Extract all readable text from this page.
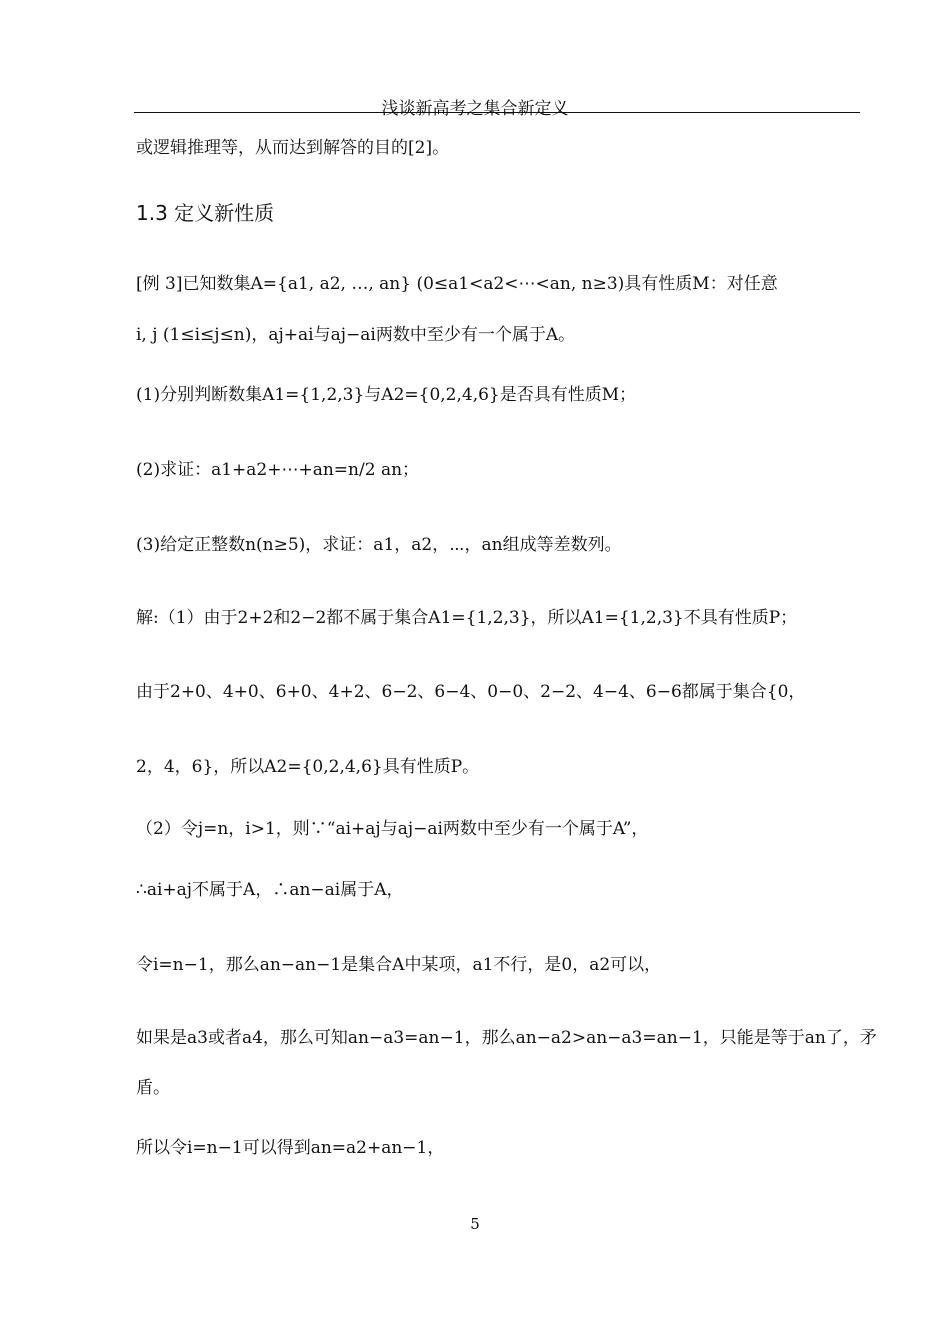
浅谈新高考之集合新定义
或逻辑推理等，从而达到解答的目的[2]。
1.3 定义新性质
[例 3]已知数集A={a1, a2, …, an} (0≤a1<a2<⋯<an, n≥3)具有性质M：对任意
i, j (1≤i≤j≤n)，aj+ai与aj−ai两数中至少有一个属于A。
(1)分别判断数集A1={1,2,3}与A2={0,2,4,6}是否具有性质M；
(2)求证：a1+a2+⋯+an=n/2 an；
(3)给定正整数n(n≥5)，求证：a1，a2，⋯，an组成等差数列。
解:（1）由于2+2和2−2都不属于集合A1={1,2,3}，所以A1={1,2,3}不具有性质P；
由于2+0、4+0、6+0、4+2、6−2、6−4、0−0、2−2、4−4、6−6都属于集合{0，
2，4，6}，所以A2={0,2,4,6}具有性质P。
（2）令j=n，i>1，则∵“ai+aj与aj−ai两数中至少有一个属于A”，
∴ai+aj不属于A，∴an−ai属于A，
令i=n−1，那么an−an−1是集合A中某项，a1不行，是0，a2可以，
如果是a3或者a4，那么可知an−a3=an−1，那么an−a2>an−a3=an−1，只能是等于an了，矛
盾。
所以令i=n−1可以得到an=a2+an−1，
5
